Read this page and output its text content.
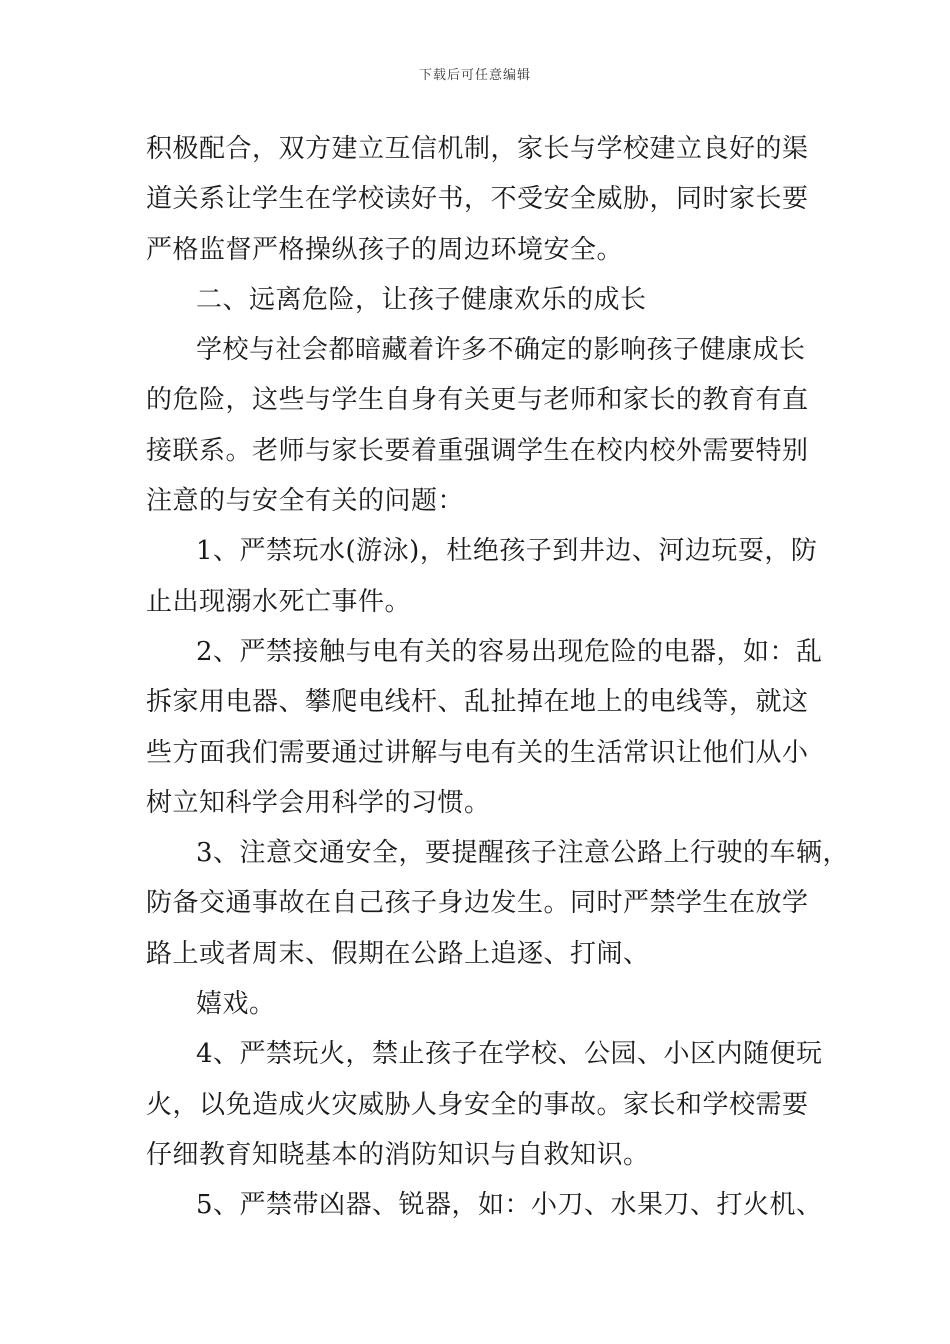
下载后可任意编辑
积极配合，双方建立互信机制，家长与学校建立良好的渠
道关系让学生在学校读好书，不受安全威胁，同时家长要
严格监督严格操纵孩子的周边环境安全。
二、远离危险，让孩子健康欢乐的成长
学校与社会都暗藏着许多不确定的影响孩子健康成长
的危险，这些与学生自身有关更与老师和家长的教育有直
接联系。老师与家长要着重强调学生在校内校外需要特别
注意的与安全有关的问题：
1、严禁玩水(游泳)，杜绝孩子到井边、河边玩耍，防
止出现溺水死亡事件。
2、严禁接触与电有关的容易出现危险的电器，如：乱
拆家用电器、攀爬电线杆、乱扯掉在地上的电线等，就这
些方面我们需要通过讲解与电有关的生活常识让他们从小
树立知科学会用科学的习惯。
3、注意交通安全，要提醒孩子注意公路上行驶的车辆，
防备交通事故在自己孩子身边发生。同时严禁学生在放学
路上或者周末、假期在公路上追逐、打闹、
嬉戏。
4、严禁玩火，禁止孩子在学校、公园、小区内随便玩
火，以免造成火灾威胁人身安全的事故。家长和学校需要
仔细教育知晓基本的消防知识与自救知识。
5、严禁带凶器、锐器，如：小刀、水果刀、打火机、
